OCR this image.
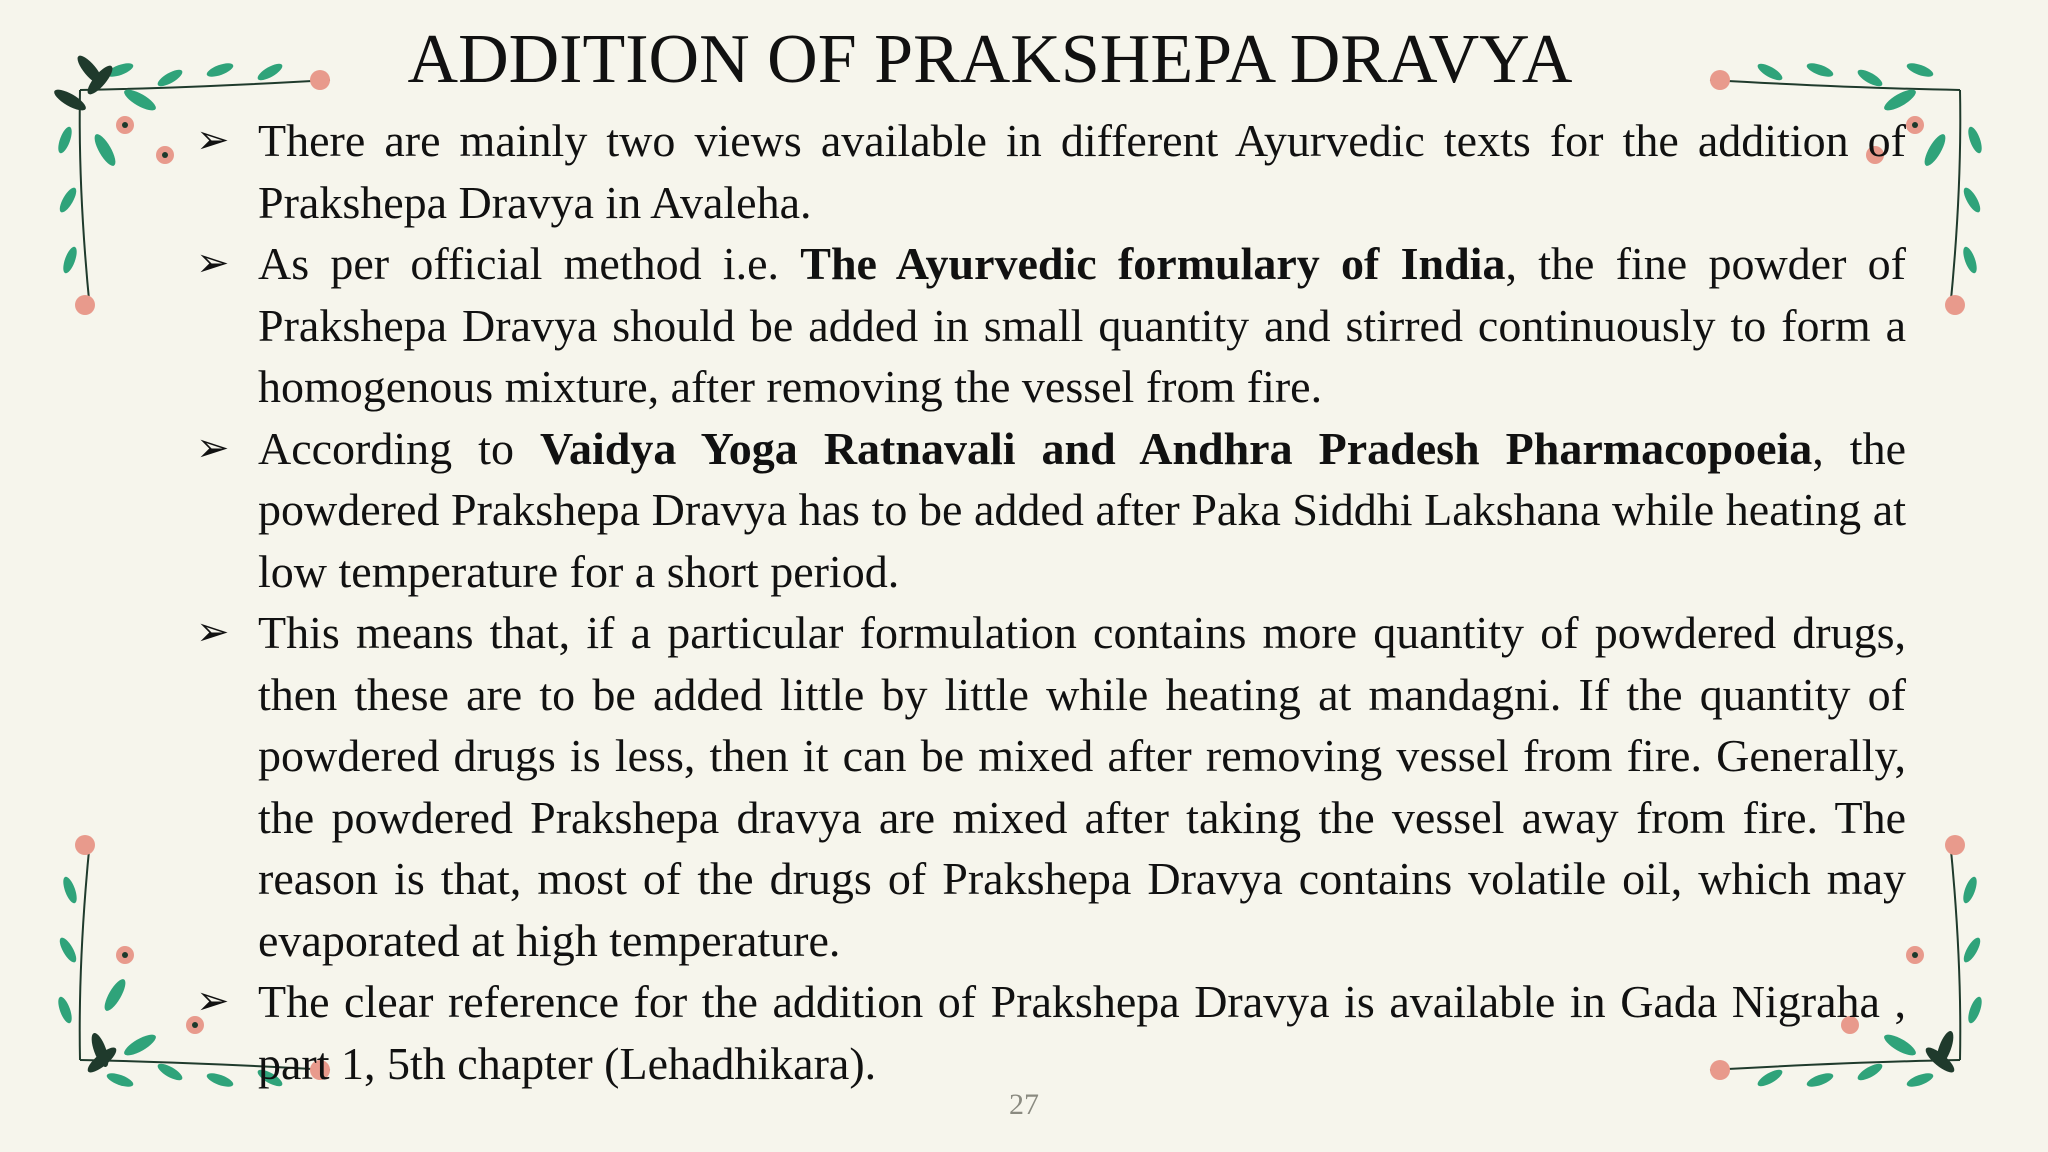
ADDITION OF PRAKSHEPA DRAVYA
➢ There are mainly two views available in different Ayurvedic texts for the addition of Prakshepa Dravya in Avaleha.
➢ As per official method i.e. The Ayurvedic formulary of India, the fine powder of Prakshepa Dravya should be added in small quantity and stirred continuously to form a homogenous mixture, after removing the vessel from fire.
➢ According to Vaidya Yoga Ratnavali and Andhra Pradesh Pharmacopoeia, the powdered Prakshepa Dravya has to be added after Paka Siddhi Lakshana while heating at low temperature for a short period.
➢ This means that, if a particular formulation contains more quantity of powdered drugs, then these are to be added little by little while heating at mandagni. If the quantity of powdered drugs is less, then it can be mixed after removing vessel from fire. Generally, the powdered Prakshepa dravya are mixed after taking the vessel away from fire. The reason is that, most of the drugs of Prakshepa Dravya contains volatile oil, which may evaporated at high temperature.
➢ The clear reference for the addition of Prakshepa Dravya is available in Gada Nigraha , part 1, 5th chapter (Lehadhikara).
27
